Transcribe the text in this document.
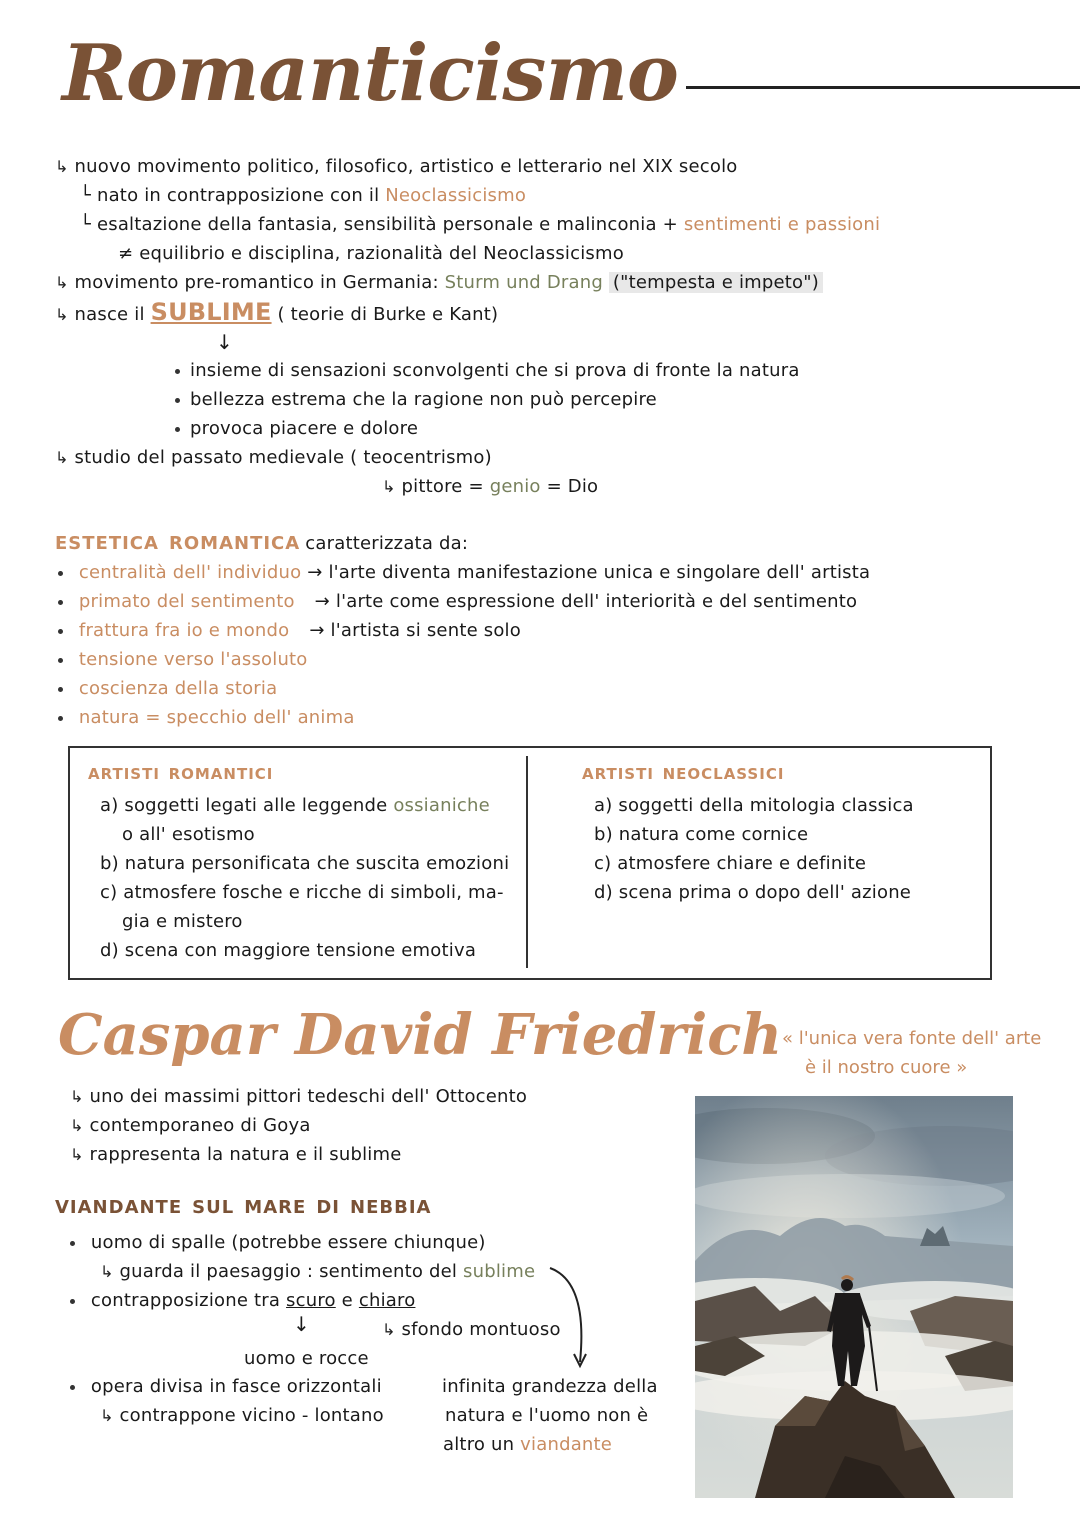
Romanticismo
↳ nuovo movimento politico, filosofico, artistico e letterario nel XIX secolo
└ nato in contrapposizione con il Neoclassicismo
└ esaltazione della fantasia, sensibilità personale e malinconia + sentimenti e passioni
≠ equilibrio e disciplina, razionalità del Neoclassicismo
↳ movimento pre-romantico in Germania: Sturm und Drang ("tempesta e impeto")
↳ nasce il SUBLIME ( teorie di Burke e Kant)
↓
insieme di sensazioni sconvolgenti che si prova di fronte la natura
bellezza estrema che la ragione non può percepire
provoca piacere e dolore
↳ studio del passato medievale ( teocentrismo)
↳ pittore = genio = Dio
estetica romantica caratterizzata da:
centralità dell' individuo → l'arte diventa manifestazione unica e singolare dell' artista
primato del sentimento → l'arte come espressione dell' interiorità e del sentimento
frattura fra io e mondo → l'artista si sente solo
tensione verso l'assoluto
coscienza della storia
natura = specchio dell' anima
artisti romantici
a) soggetti legati alle leggende ossianiche
o all' esotismo
b) natura personificata che suscita emozioni
c) atmosfere fosche e ricche di simboli, ma-
gia e mistero
d) scena con maggiore tensione emotiva
artisti neoclassici
a) soggetti della mitologia classica
b) natura come cornice
c) atmosfere chiare e definite
d) scena prima o dopo dell' azione
Caspar David Friedrich « l'unica vera fonte dell' arte
è il nostro cuore »
↳ uno dei massimi pittori tedeschi dell' Ottocento
↳ contemporaneo di Goya
↳ rappresenta la natura e il sublime
viandante sul mare di nebbia
uomo di spalle (potrebbe essere chiunque)
↳ guarda il paesaggio : sentimento del sublime
contrapposizione tra scuro e chiaro
↳ sfondo montuoso
↓
uomo e rocce
opera divisa in fasce orizzontali
↳ contrappone vicino - lontano
infinita grandezza della
natura e l'uomo non è
altro un viandante
